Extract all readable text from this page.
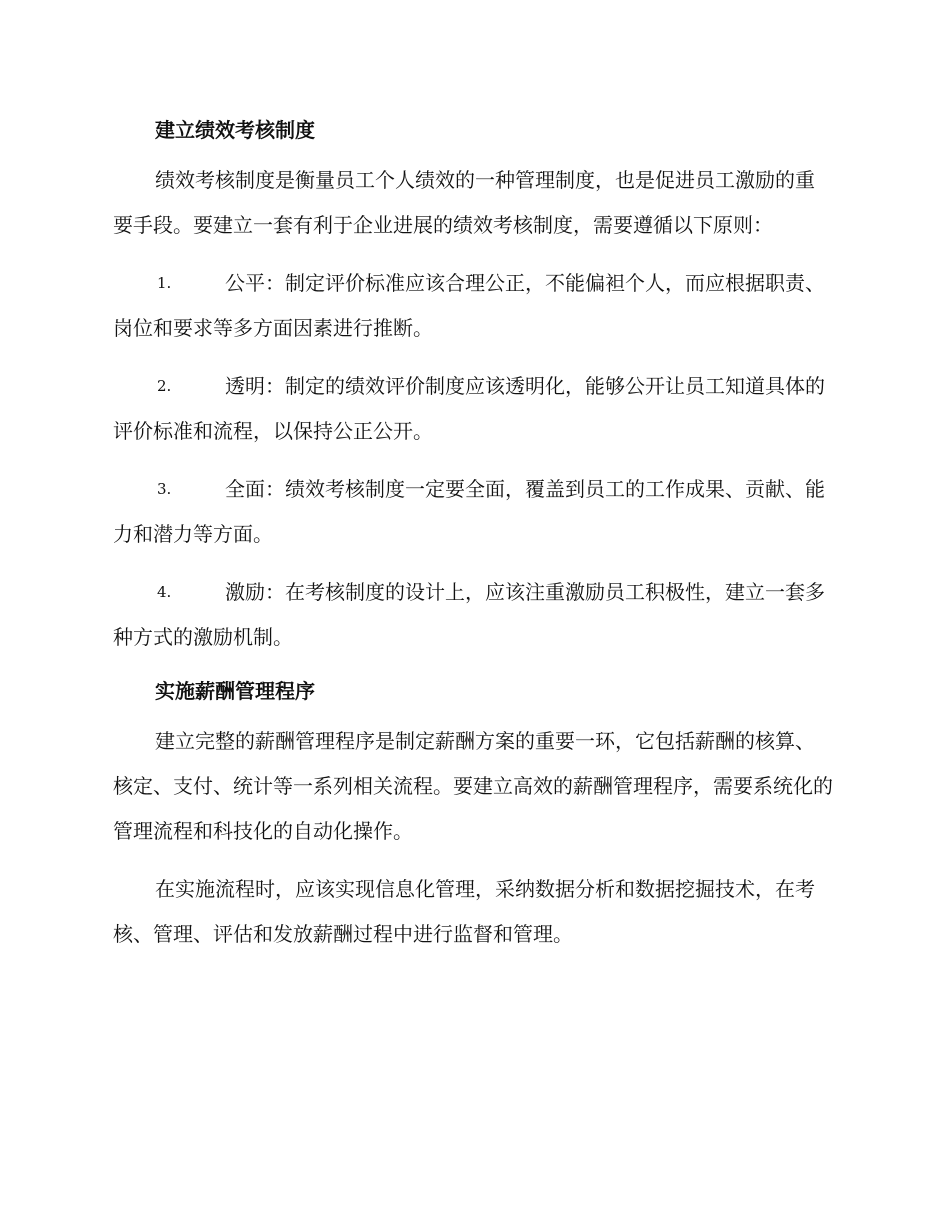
建立绩效考核制度
绩效考核制度是衡量员工个人绩效的一种管理制度，也是促进员工激励的重要手段。要建立一套有利于企业进展的绩效考核制度，需要遵循以下原则：
1.	公平：制定评价标准应该合理公正，不能偏袒个人，而应根据职责、岗位和要求等多方面因素进行推断。
2.	透明：制定的绩效评价制度应该透明化，能够公开让员工知道具体的评价标准和流程，以保持公正公开。
3.	全面：绩效考核制度一定要全面，覆盖到员工的工作成果、贡献、能力和潜力等方面。
4.	激励：在考核制度的设计上，应该注重激励员工积极性，建立一套多种方式的激励机制。
实施薪酬管理程序
建立完整的薪酬管理程序是制定薪酬方案的重要一环，它包括薪酬的核算、核定、支付、统计等一系列相关流程。要建立高效的薪酬管理程序，需要系统化的管理流程和科技化的自动化操作。
在实施流程时，应该实现信息化管理，采纳数据分析和数据挖掘技术，在考核、管理、评估和发放薪酬过程中进行监督和管理。
